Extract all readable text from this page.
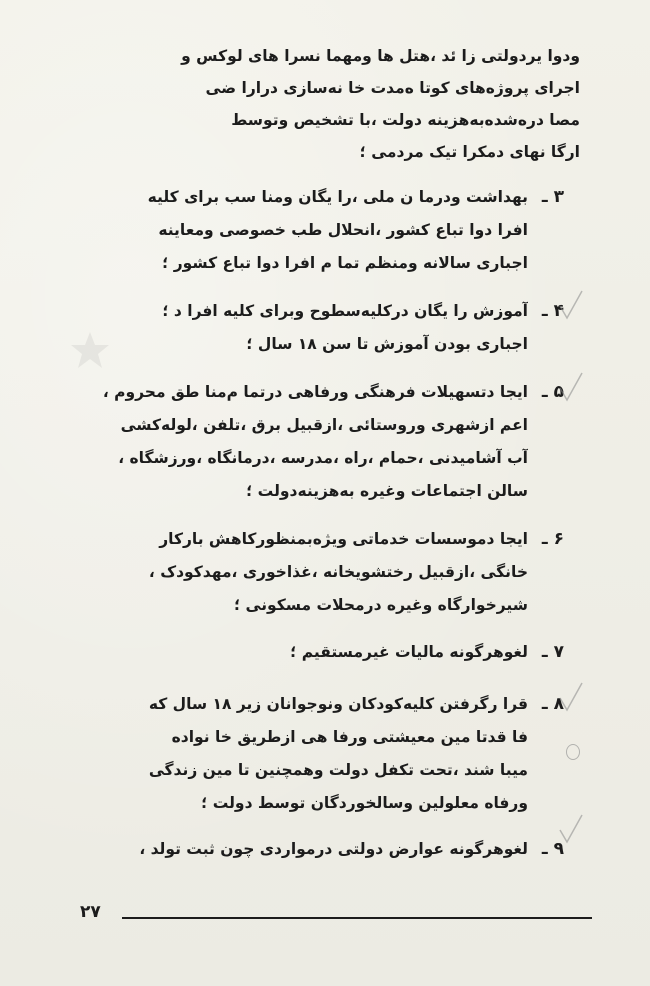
ودوا یردولتی زا ئد ،هتل ها ومهما نسرا های لوکس و
اجرای پروژه‌های کوتا ه‌مدت خا نه‌سازی درارا ضی
مصا دره‌شده‌به‌هزینه دولت ،با تشخیص وتوسط
ارگا نهای دمکرا تیک مردمی ؛
۳ ـ
بهداشت ودرما ن ملی ،را یگان ومنا سب برای کلیه
افرا دوا تباع کشور ،انحلال طب خصوصی ومعاینه
اجباری سالانه ومنظم تما م افرا دوا تباع کشور ؛
۴ ـ
آموزش را یگان درکلیه‌سطوح وبرای کلیه افرا د ؛
اجباری بودن آموزش تا سن ۱۸ سال ؛
۵ ـ
ایجا دتسهیلات فرهنگی ورفاهی درتما م‌منا طق محروم ،
اعم ازشهری وروستائی ،ازقبیل برق ،تلفن ،لوله‌کشی
آب آشامیدنی ،حمام ،راه ،مدرسه ،درمانگاه ،ورزشگاه ،
سالن اجتماعات وغیره به‌هزینه‌دولت ؛
۶ ـ
ایجا دموسسات خدماتی ویژه‌بمنظورکاهش بارکار
خانگی ،ازقبیل رختشویخانه ،غذاخوری ،مهدکودک ،
شیرخوارگاه وغیره درمحلات مسکونی ؛
۷ ـ
لغوهرگونه مالیات غیرمستقیم ؛
۸ ـ
قرا رگرفتن کلیه‌کودکان ونوجوانان زیر ۱۸ سال که
فا قدتا مین معیشتی ورفا هی ازطریق خا نواده
میبا شند ،تحت تکفل دولت وهمچنین تا مین زندگی
ورفاه معلولین وسالخوردگان توسط دولت ؛
۹ ـ
لغوهرگونه عوارض دولتی درمواردی چون ثبت تولد ،
۲۷
